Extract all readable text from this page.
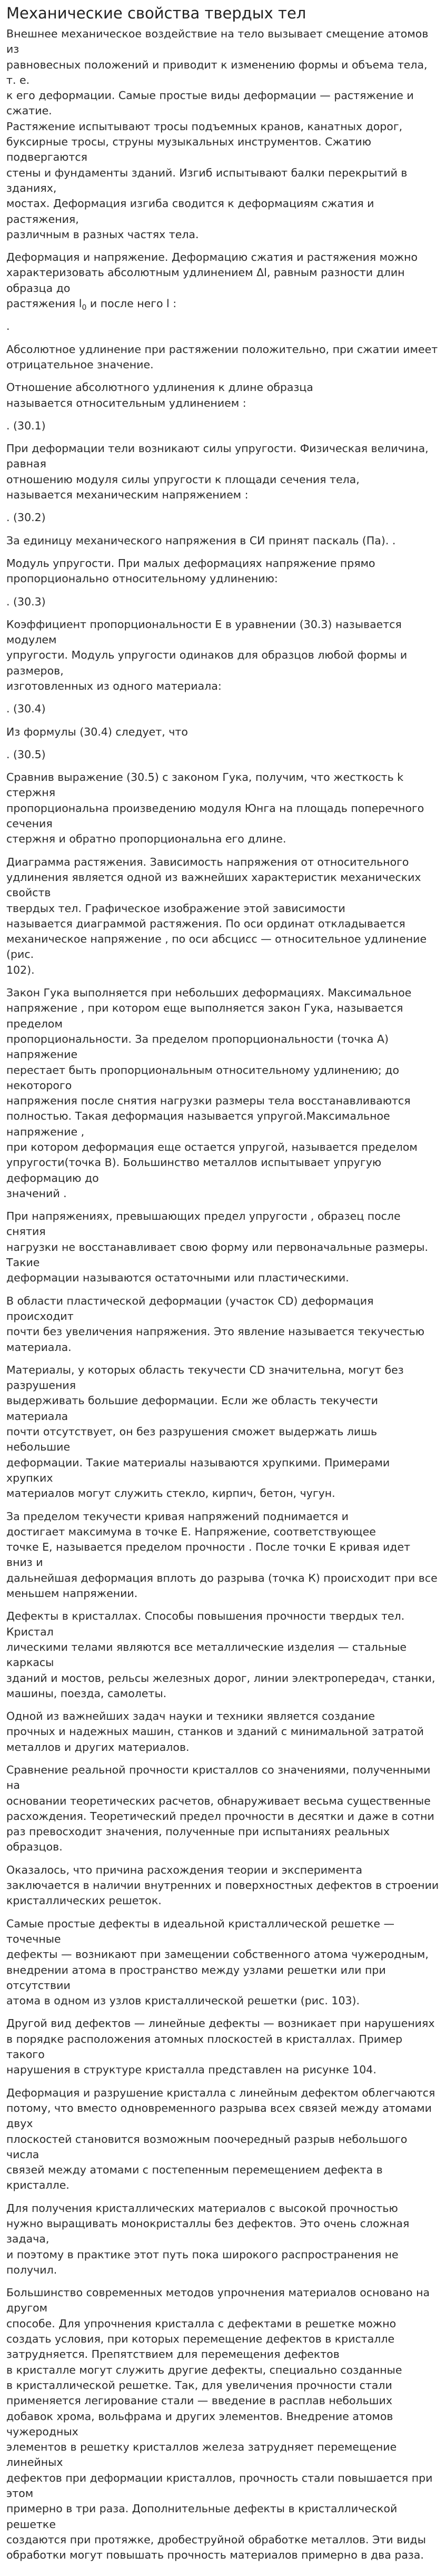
Механические свойства твердых тел

Внешнее механическое воздействие на тело вызывает смещение атомов из
равновесных положений и приводит к изменению формы и объема тела, т. е.
к его деформации. Самые простые виды деформации — растяжение и сжатие.
Растяжение испытывают тросы подъемных кранов, канатных дорог,
буксирные тросы, струны музыкальных инструментов. Сжатию подвергаются
стены и фундаменты зданий. Изгиб испытывают балки перекрытий в зданиях,
мостах. Деформация изгиба сводится к деформациям сжатия и растяжения,
различным в разных частях тела.

Деформация и напряжение. Деформацию сжатия и растяжения можно
характеризовать абсолютным удлинением Δl, равным разности длин образца до
растяжения $l_0$ и после него l :

.

Абсолютное удлинение при растяжении положительно, при сжатии имеет
отрицательное значение.

Отношение абсолютного удлинения к длине образца
называется относительным удлинением :

. (30.1)

При деформации тели возникают силы упругости. Физическая величина, равная
отношению модуля силы упругости к площади сечения тела,
называется механическим напряжением :

. (30.2)

За единицу механического напряжения в СИ принят паскаль (Па). .

Модуль упругости. При малых деформациях напряжение прямо
пропорционально относительному удлинению:

. (30.3)

Коэффициент пропорциональности Е в уравнении (30.3) называется модулем
упругости. Модуль упругости одинаков для образцов любой формы и размеров,
изготовленных из одного материала:

. (30.4)

Из формулы (30.4) следует, что

. (30.5)

Сравнив выражение (30.5) с законом Гука, получим, что жесткость k стержня
пропорциональна произведению модуля Юнга на площадь поперечного сечения
стержня и обратно пропорциональна его длине.

Диаграмма растяжения. Зависимость напряжения от относительного
удлинения является одной из важнейших характеристик механических свойств
твердых тел. Графическое изображение этой зависимости
называется диаграммой растяжения. По оси ординат откладывается
механическое напряжение , по оси абсцисс — относительное удлинение (рис.
102).

Закон Гука выполняется при небольших деформациях. Максимальное
напряжение , при котором еще выполняется закон Гука, называется пределом
пропорциональности. За пределом пропорциональности (точка А) напряжение
перестает быть пропорциональным относительному удлинению; до некоторого
напряжения после снятия нагрузки размеры тела восстанавливаются
полностью. Такая деформация называется упругой.Максимальное напряжение ,
при котором деформация еще остается упругой, называется пределом
упругости(точка В). Большинство металлов испытывает упругую деформацию до
значений .

При напряжениях, превышающих предел упругости , образец после снятия
нагрузки не восстанавливает свою форму или первоначальные размеры. Такие
деформации называются остаточными или пластическими.

В области пластической деформации (участок CD) деформация происходит
почти без увеличения напряжения. Это явление называется текучестью
материала.

Материалы, у которых область текучести CD значительна, могут без разрушения
выдерживать большие деформации. Если же область текучести материала
почти отсутствует, он без разрушения сможет выдержать лишь небольшие
деформации. Такие материалы называются хрупкими. Примерами хрупких
материалов могут служить стекло, кирпич, бетон, чугун.

За пределом текучести кривая напряжений поднимается и
достигает максимума в точке Е. Напряжение, соответствующее
точке Е, называется пределом прочности . После точки Е кривая идет вниз и
дальнейшая деформация вплоть до разрыва (точка К) происходит при все
меньшем напряжении.

Дефекты в кристаллах. Способы повышения прочности твердых тел. Кристал
лическими телами являются все металлические изделия — стальные каркасы
зданий и мостов, рельсы железных дорог, линии электропередач, станки,
машины, поезда, самолеты.

Одной из важнейших задач науки и техники является создание
прочных и надежных машин, станков и зданий с минимальной затратой
металлов и других материалов.

Сравнение реальной прочности кристаллов со значениями, полученными на
основании теоретических расчетов, обнаруживает весьма существенные
расхождения. Теоретический предел прочности в десятки и даже в сотни
раз превосходит значения, полученные при испытаниях реальных образцов.

Оказалось, что причина расхождения теории и эксперимента
заключается в наличии внутренних и поверхностных дефектов в строении
кристаллических решеток.

Самые простые дефекты в идеальной кристаллической решетке — точечные
дефекты — возникают при замещении собственного атома чужеродным,
внедрении атома в пространство между узлами решетки или при отсутствии
атома в одном из узлов кристаллической решетки (рис. 103).

Другой вид дефектов — линейные дефекты — возникает при нарушениях
в порядке расположения атомных плоскостей в кристаллах. Пример такого
нарушения в структуре кристалла представлен на рисунке 104.

Деформация и разрушение кристалла с линейным дефектом облегчаются
потому, что вместо одновременного разрыва всех связей между атомами двух
плоскостей становится возможным поочередный разрыв небольшого числа
связей между атомами с постепенным перемещением дефекта в кристалле.

Для получения кристаллических материалов с высокой прочностью
нужно выращивать монокристаллы без дефектов. Это очень сложная задача,
и поэтому в практике этот путь пока широкого распространения не получил.

Большинство современных методов упрочнения материалов основано на другом
способе. Для упрочнения кристалла с дефектами в решетке можно
создать условия, при которых перемещение дефектов в кристалле
затрудняется. Препятствием для перемещения дефектов
в кристалле могут служить другие дефекты, специально созданные
в кристаллической решетке. Так, для увеличения прочности стали
применяется легирование стали — введение в расплав небольших
добавок хрома, вольфрама и других элементов. Внедрение атомов чужеродных
элементов в решетку кристаллов железа затрудняет перемещение линейных
дефектов при деформации кристаллов, прочность стали повышается при этом
примерно в три раза. Дополнительные дефекты в кристаллической решетке
создаются при протяжке, дробеструйной обработке металлов. Эти виды
обработки могут повышать прочность материалов примерно в два раза.
